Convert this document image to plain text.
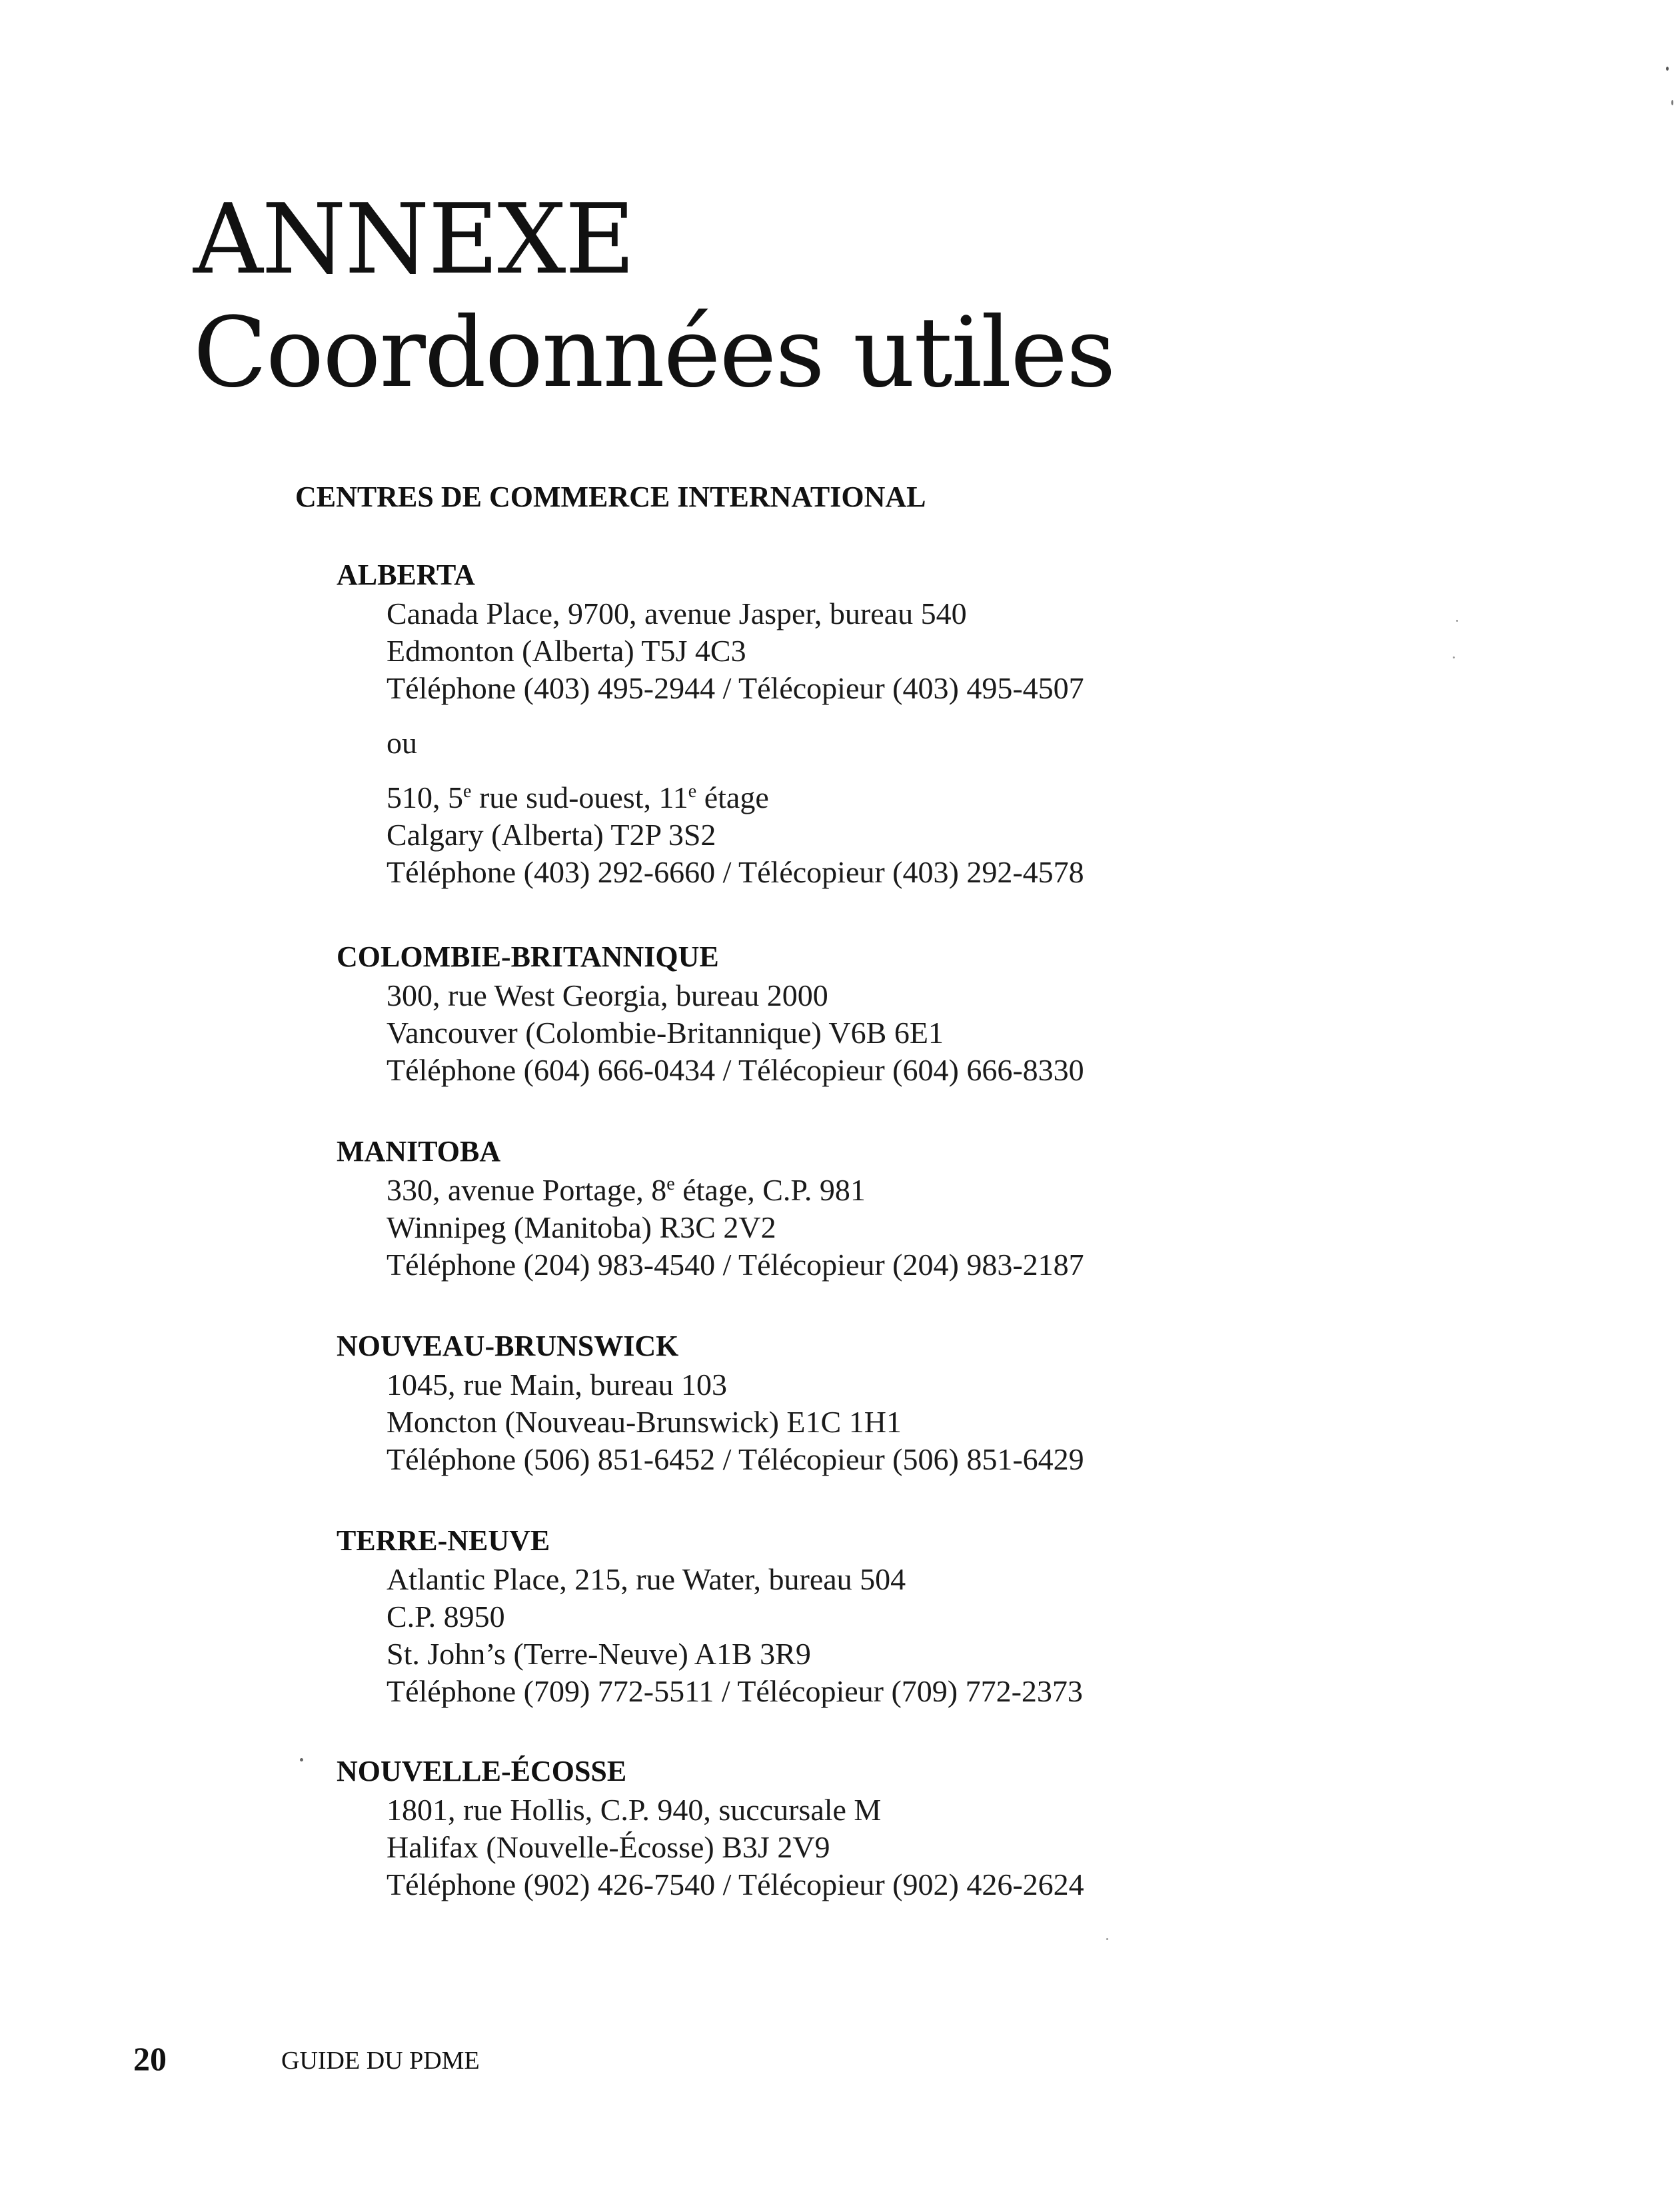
ANNEXE
Coordonnées utiles
CENTRES DE COMMERCE INTERNATIONAL
ALBERTA
Canada Place, 9700, avenue Jasper, bureau 540
Edmonton (Alberta) T5J 4C3
Téléphone (403) 495-2944 / Télécopieur (403) 495-4507
ou
510, 5e rue sud-ouest, 11e étage
Calgary (Alberta) T2P 3S2
Téléphone (403) 292-6660 / Télécopieur (403) 292-4578
COLOMBIE-BRITANNIQUE
300, rue West Georgia, bureau 2000
Vancouver (Colombie-Britannique) V6B 6E1
Téléphone (604) 666-0434 / Télécopieur (604) 666-8330
MANITOBA
330, avenue Portage, 8e étage, C.P. 981
Winnipeg (Manitoba) R3C 2V2
Téléphone (204) 983-4540 / Télécopieur (204) 983-2187
NOUVEAU-BRUNSWICK
1045, rue Main, bureau 103
Moncton (Nouveau-Brunswick) E1C 1H1
Téléphone (506) 851-6452 / Télécopieur (506) 851-6429
TERRE-NEUVE
Atlantic Place, 215, rue Water, bureau 504
C.P. 8950
St. John’s (Terre-Neuve) A1B 3R9
Téléphone (709) 772-5511 / Télécopieur (709) 772-2373
NOUVELLE-ÉCOSSE
1801, rue Hollis, C.P. 940, succursale M
Halifax (Nouvelle-Écosse) B3J 2V9
Téléphone (902) 426-7540 / Télécopieur (902) 426-2624
20	GUIDE DU PDME
